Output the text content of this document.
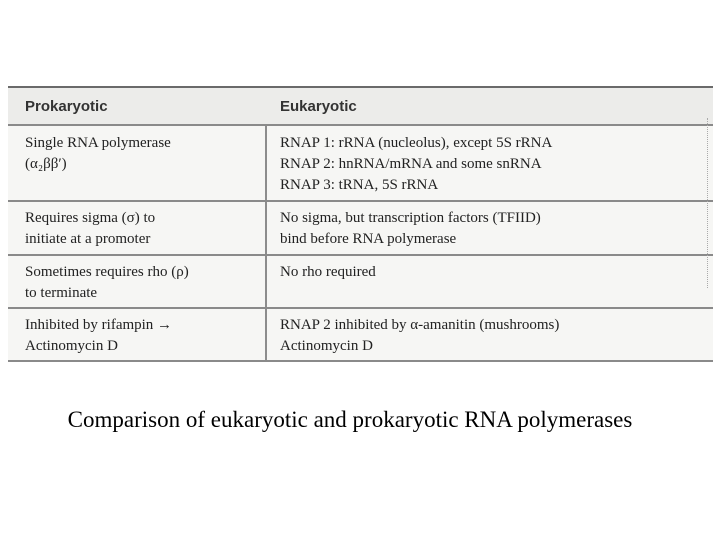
Prokaryotic	Eukaryotic
Single RNA polymerase
(α₂ββ′)
RNAP 1: rRNA (nucleolus), except 5S rRNA
RNAP 2: hnRNA/mRNA and some snRNA
RNAP 3: tRNA, 5S rRNA
Requires sigma (σ) to
initiate at a promoter
No sigma, but transcription factors (TFIID)
bind before RNA polymerase
Sometimes requires rho (ρ)
to terminate
No rho required
Inhibited by rifampin →
Actinomycin D
RNAP 2 inhibited by α-amanitin (mushrooms)
Actinomycin D
Comparison of eukaryotic and prokaryotic RNA polymerases
